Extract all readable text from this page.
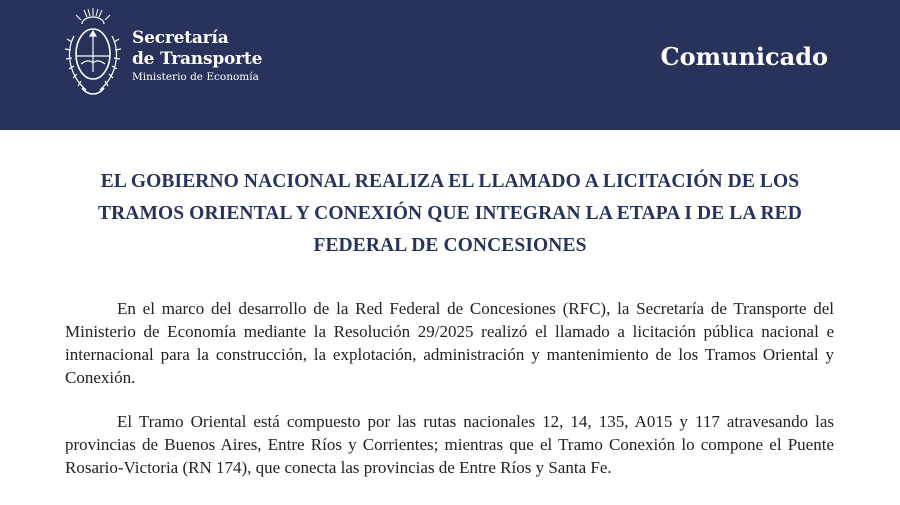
Secretaría
de Transporte
Ministerio de Economía
Comunicado
EL GOBIERNO NACIONAL REALIZA EL LLAMADO A LICITACIÓN DE LOS TRAMOS ORIENTAL Y CONEXIÓN QUE INTEGRAN LA ETAPA I DE LA RED FEDERAL DE CONCESIONES

En el marco del desarrollo de la Red Federal de Concesiones (RFC), la Secretaría de Transporte del Ministerio de Economía mediante la Resolución 29/2025 realizó el llamado a licitación pública nacional e internacional para la construcción, la explotación, administración y mantenimiento de los Tramos Oriental y Conexión.

El Tramo Oriental está compuesto por las rutas nacionales 12, 14, 135, A015 y 117 atravesando las provincias de Buenos Aires, Entre Ríos y Corrientes; mientras que el Tramo Conexión lo compone el Puente Rosario-Victoria (RN 174), que conecta las provincias de Entre Ríos y Santa Fe.
